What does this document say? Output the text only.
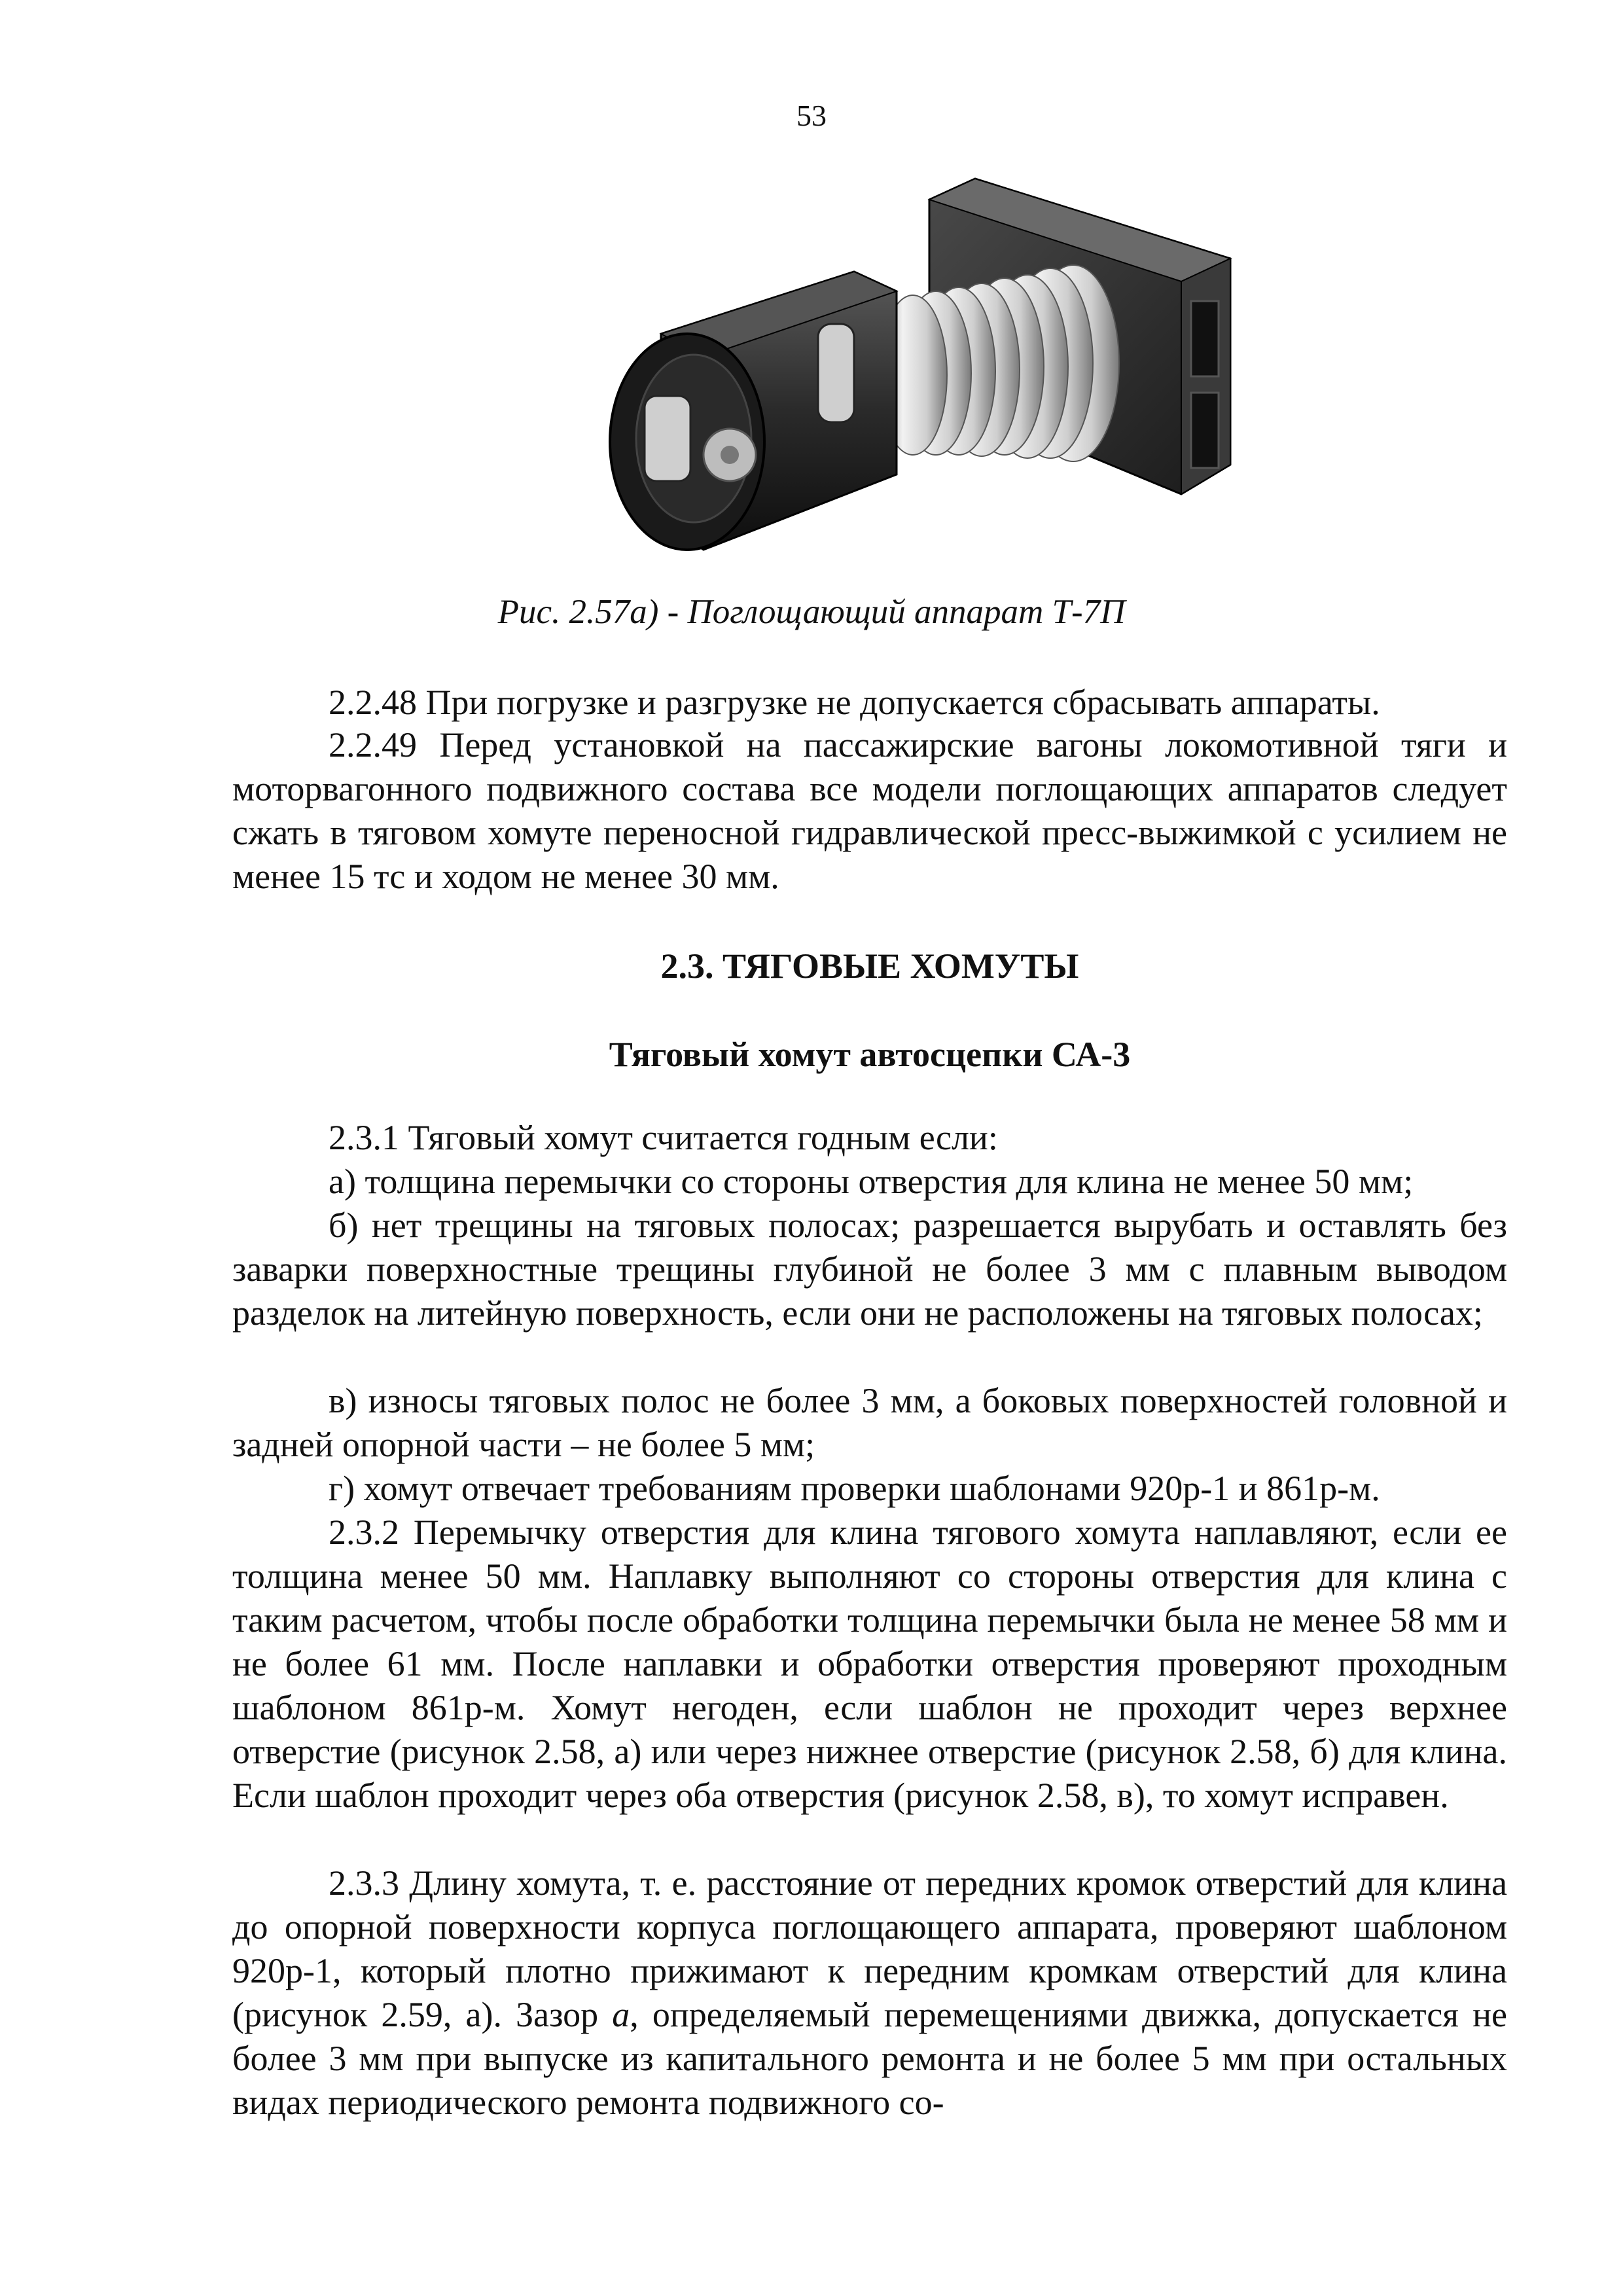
53
Рис. 2.57а) - Поглощающий аппарат Т-7П

2.2.48 При погрузке и разгрузке не допускается сбрасывать аппараты.

2.2.49 Перед установкой на пассажирские вагоны локомотивной тяги и моторвагонного подвижного состава все модели поглощающих аппаратов следует сжать в тяговом хомуте переносной гидравлической пресс-выжимкой с усилием не менее 15 тс и ходом не менее 30 мм.

2.3. ТЯГОВЫЕ ХОМУТЫ
Тяговый хомут автосцепки СА-3

2.3.1 Тяговый хомут считается годным если:

а) толщина перемычки со стороны отверстия для клина не менее 50 мм;

б) нет трещины на тяговых полосах; разрешается вырубать и оставлять без заварки поверхностные трещины глубиной не более 3 мм с плавным выводом разделок на литейную поверхность, если они не расположены на тяговых полосах;

в) износы тяговых полос не более 3 мм, а боковых поверхностей головной и задней опорной части – не более 5 мм;

г) хомут отвечает требованиям проверки шаблонами 920р-1 и 861р-м.

2.3.2 Перемычку отверстия для клина тягового хомута наплавляют, если ее толщина менее 50 мм. Наплавку выполняют со стороны отверстия для клина с таким расчетом, чтобы после обработки толщина перемычки была не менее 58 мм и не более 61 мм. После наплавки и обработки отверстия проверяют проходным шаблоном 861р-м. Хомут негоден, если шаблон не проходит через верхнее отверстие (рисунок 2.58, а) или через нижнее отверстие (рисунок 2.58, б) для клина. Если шаблон проходит через оба отверстия (рисунок 2.58, в), то хомут исправен.

2.3.3 Длину хомута, т. е. расстояние от передних кромок отверстий для клина до опорной поверхности корпуса поглощающего аппарата, проверяют шаблоном 920р-1, который плотно прижимают к передним кромкам отверстий для клина (рисунок 2.59, а). Зазор а, определяемый перемещениями движка, допускается не более 3 мм при выпуске из капитального ремонта и не более 5 мм при остальных видах периодического ремонта подвижного со-
